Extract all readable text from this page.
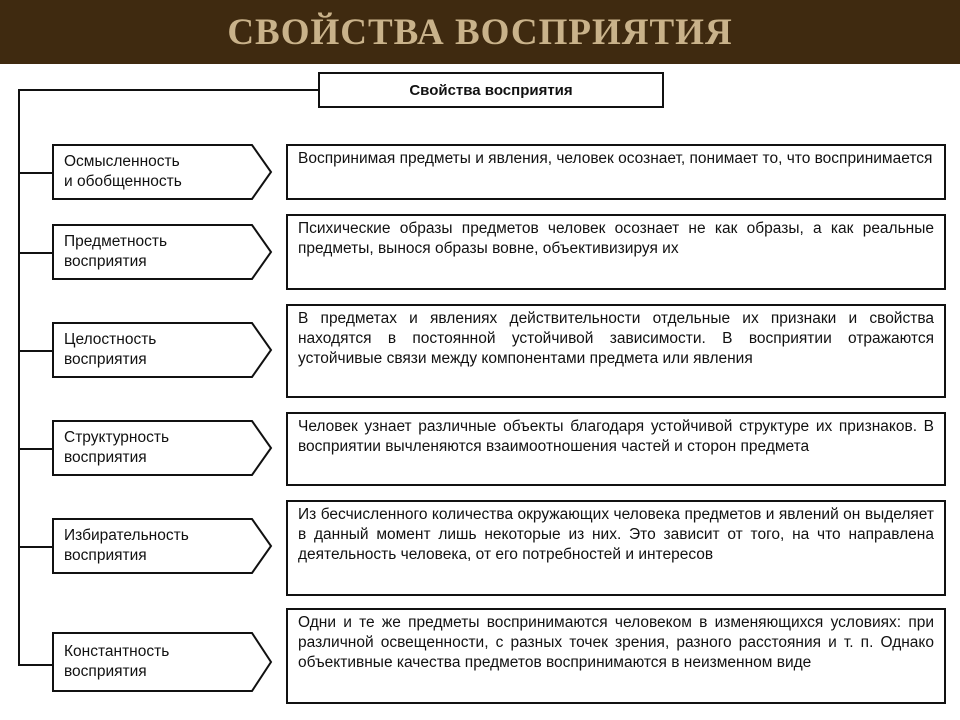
СВОЙСТВА ВОСПРИЯТИЯ
Свойства восприятия
Осмысленность
и обобщенность
Воспринимая предметы и явления, человек осознает, понимает то, что воспринимается
Предметность
восприятия
Психические образы предметов человек осознает не как образы, а как реальные предметы, вынося образы вовне, объективизируя их
Целостность
восприятия
В предметах и явлениях действительности отдельные их признаки и свойства находятся в постоянной устойчивой зависимости. В восприятии отражаются устойчивые связи между компонентами предмета или явления
Структурность
восприятия
Человек узнает различные объекты благодаря устойчивой структуре их признаков. В восприятии вычленяются взаимоотношения частей и сторон предмета
Избирательность
восприятия
Из бесчисленного количества окружающих человека предметов и явлений он выделяет в данный момент лишь некоторые из них. Это зависит от того, на что направлена деятельность человека, от его потребностей и интересов
Константность
восприятия
Одни и те же предметы воспринимаются человеком в изменяющихся условиях: при различной освещенности, с разных точек зрения, разного расстояния и т. п. Однако объективные качества предметов воспринимаются в неизменном виде
